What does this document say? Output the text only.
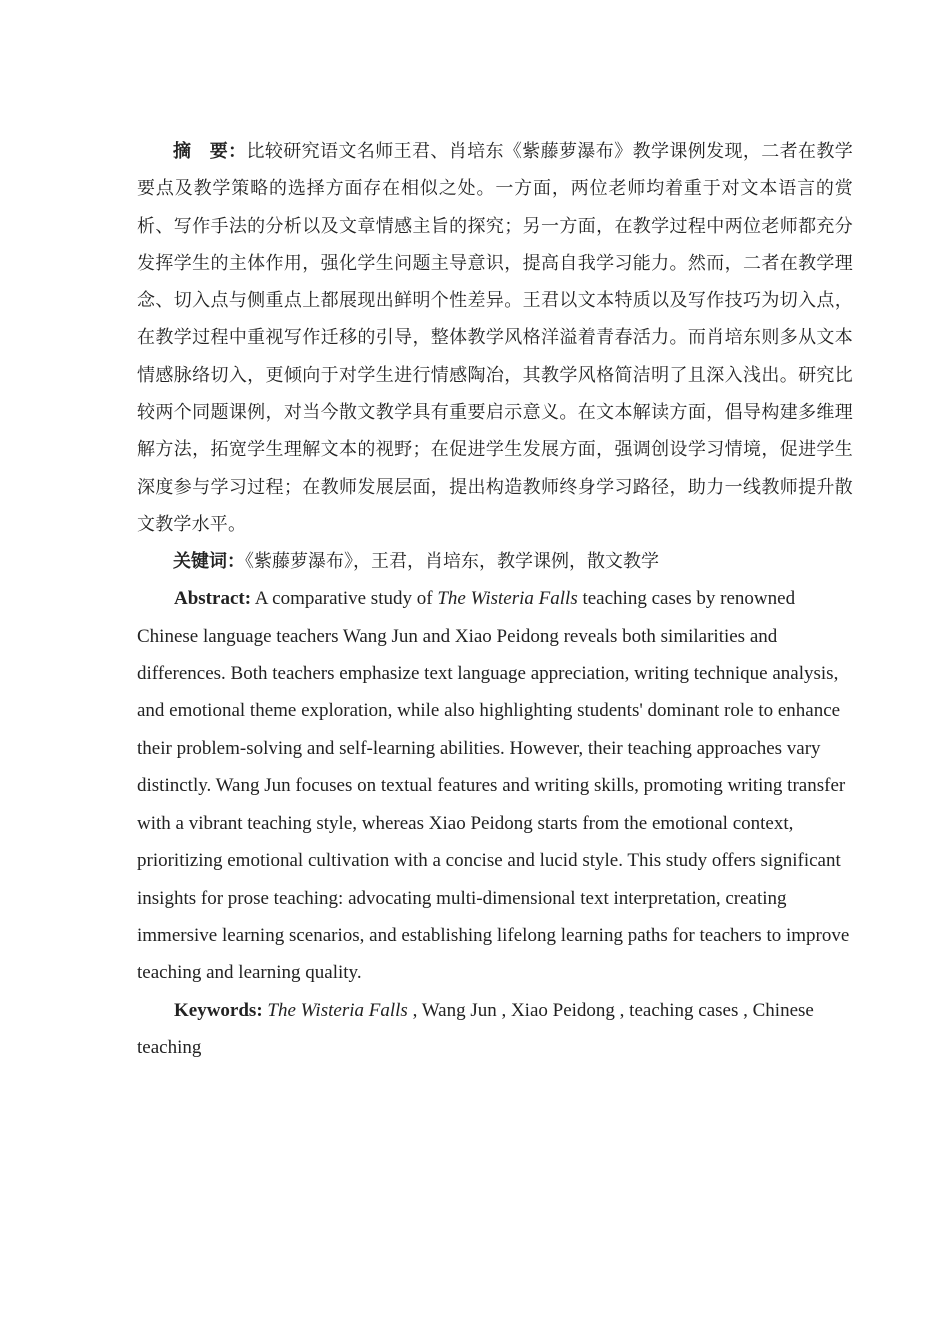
摘　要：比较研究语文名师王君、肖培东《紫藤萝瀑布》教学课例发现，二者在教学要点及教学策略的选择方面存在相似之处。一方面，两位老师均着重于对文本语言的赏析、写作手法的分析以及文章情感主旨的探究；另一方面，在教学过程中两位老师都充分发挥学生的主体作用，强化学生问题主导意识，提高自我学习能力。然而，二者在教学理念、切入点与侧重点上都展现出鲜明个性差异。王君以文本特质以及写作技巧为切入点，在教学过程中重视写作迁移的引导，整体教学风格洋溢着青春活力。而肖培东则多从文本情感脉络切入，更倾向于对学生进行情感陶冶，其教学风格简洁明了且深入浅出。研究比较两个同题课例，对当今散文教学具有重要启示意义。在文本解读方面，倡导构建多维理解方法，拓宽学生理解文本的视野；在促进学生发展方面，强调创设学习情境，促进学生深度参与学习过程；在教师发展层面，提出构造教师终身学习路径，助力一线教师提升散文教学水平。

关键词：《紫藤萝瀑布》，王君，肖培东，教学课例，散文教学

Abstract: A comparative study of The Wisteria Falls teaching cases by renowned Chinese language teachers Wang Jun and Xiao Peidong reveals both similarities and differences. Both teachers emphasize text language appreciation, writing technique analysis, and emotional theme exploration, while also highlighting students' dominant role to enhance their problem-solving and self-learning abilities. However, their teaching approaches vary distinctly. Wang Jun focuses on textual features and writing skills, promoting writing transfer with a vibrant teaching style, whereas Xiao Peidong starts from the emotional context, prioritizing emotional cultivation with a concise and lucid style. This study offers significant insights for prose teaching: advocating multi-dimensional text interpretation, creating immersive learning scenarios, and establishing lifelong learning paths for teachers to improve teaching and learning quality.

Keywords: The Wisteria Falls , Wang Jun , Xiao Peidong , teaching cases , Chinese teaching
